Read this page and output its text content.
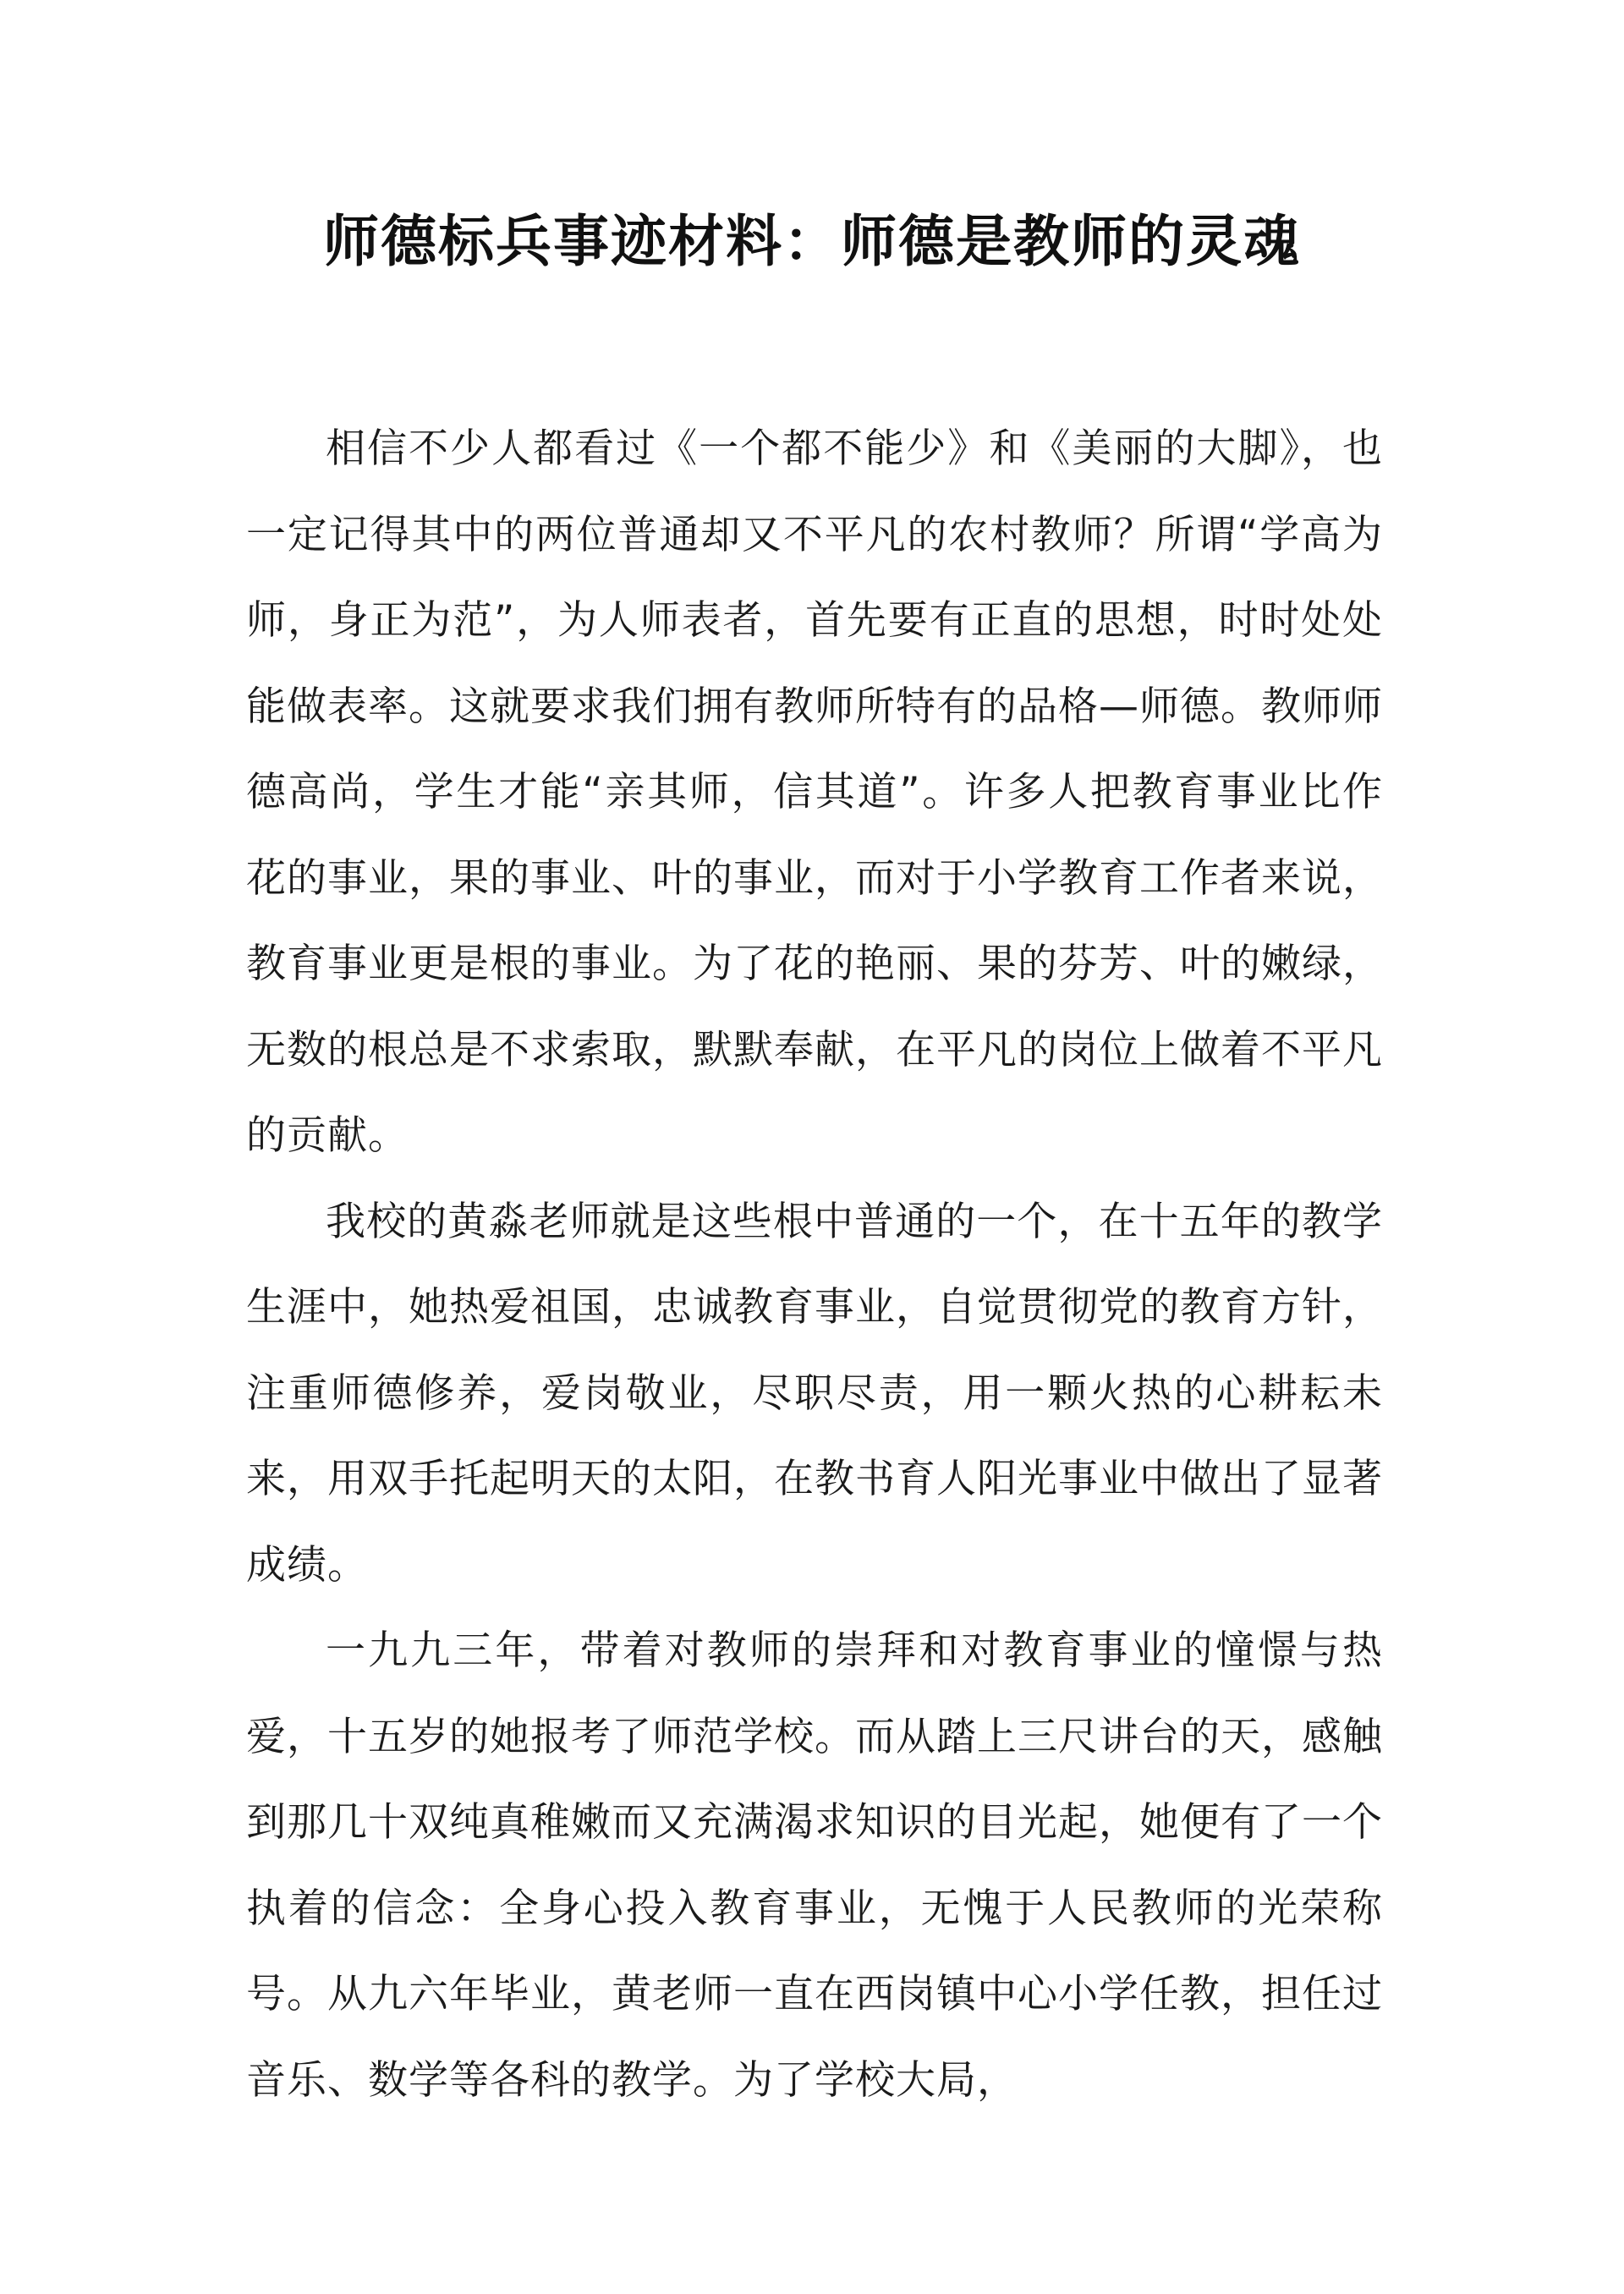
师德标兵事迹材料：师德是教师的灵魂

相信不少人都看过《一个都不能少》和《美丽的大脚》，也一定记得其中的两位普通却又不平凡的农村教师？所谓“学高为师，身正为范”，为人师表者，首先要有正直的思想，时时处处能做表率。这就要求我们拥有教师所特有的品格—师德。教师师德高尚，学生才能“亲其师，信其道”。许多人把教育事业比作花的事业，果的事业、叶的事业，而对于小学教育工作者来说，教育事业更是根的事业。为了花的艳丽、果的芬芳、叶的嫩绿，无数的根总是不求索取，默默奉献，在平凡的岗位上做着不平凡的贡献。

我校的黄淼老师就是这些根中普通的一个，在十五年的教学生涯中，她热爱祖国，忠诚教育事业，自觉贯彻党的教育方针，注重师德修养，爱岗敬业，尽职尽责，用一颗火热的心耕耘未来，用双手托起明天的太阳，在教书育人阳光事业中做出了显著成绩。

一九九三年，带着对教师的崇拜和对教育事业的憧憬与热爱，十五岁的她报考了师范学校。而从踏上三尺讲台的天，感触到那几十双纯真稚嫩而又充满渴求知识的目光起，她便有了一个执着的信念：全身心投入教育事业，无愧于人民教师的光荣称号。从九六年毕业，黄老师一直在西岗镇中心小学任教，担任过音乐、数学等各科的教学。为了学校大局，
